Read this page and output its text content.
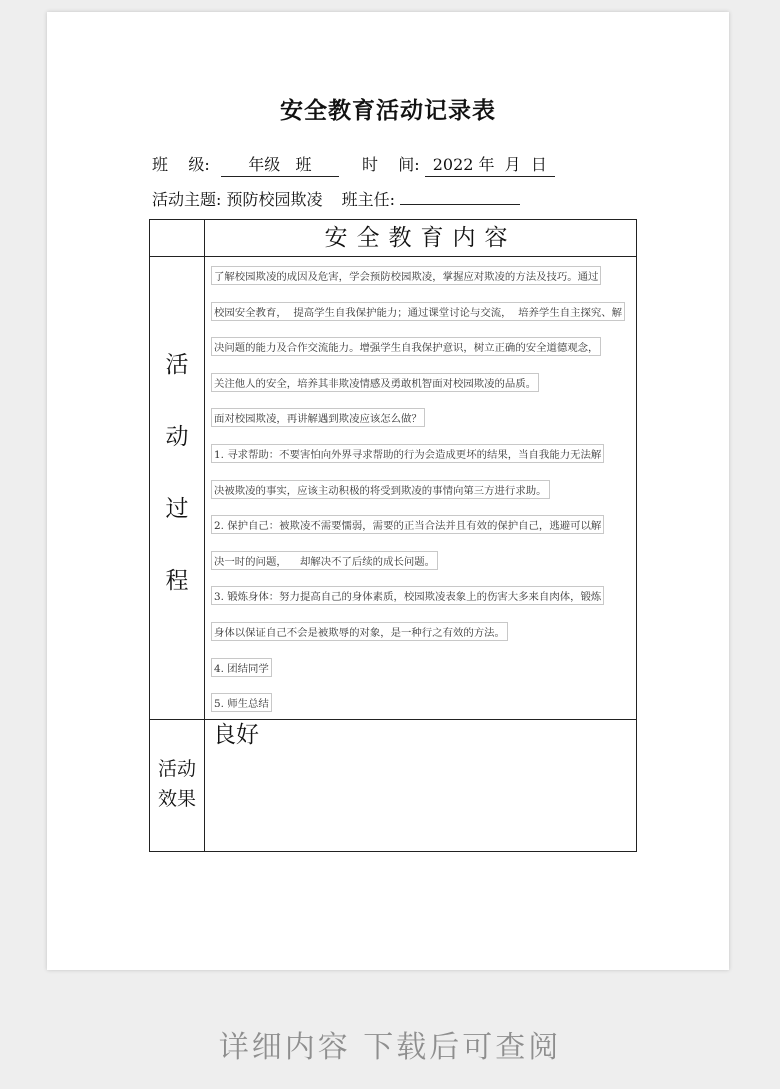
安全教育活动记录表
班    级: 年级   班	时    间: 2022 年  月  日
活动主题: 预防校园欺凌 班主任:
安全教育内容
活
动
过
程
了解校园欺凌的成因及危害，学会预防校园欺凌，掌握应对欺凌的方法及技巧。通过
校园安全教育，  提高学生自我保护能力；通过课堂讨论与交流，  培养学生自主探究、解
决问题的能力及合作交流能力。增强学生自我保护意识，树立正确的安全道德观念，
关注他人的安全，培养其非欺凌情感及勇敢机智面对校园欺凌的品质。
面对校园欺凌，再讲解遇到欺凌应该怎么做？
1. 寻求帮助：不要害怕向外界寻求帮助的行为会造成更坏的结果，当自我能力无法解
决被欺凌的事实，应该主动积极的将受到欺凌的事情向第三方进行求助。
2. 保护自己：被欺凌不需要懦弱，需要的正当合法并且有效的保护自己，逃避可以解
决一时的问题，    却解决不了后续的成长问题。
3. 锻炼身体：努力提高自己的身体素质，校园欺凌表象上的伤害大多来自肉体，锻炼
身体以保证自己不会是被欺辱的对象，是一种行之有效的方法。
4. 团结同学
5. 师生总结
良好
活动
效果
详细内容 下载后可查阅
